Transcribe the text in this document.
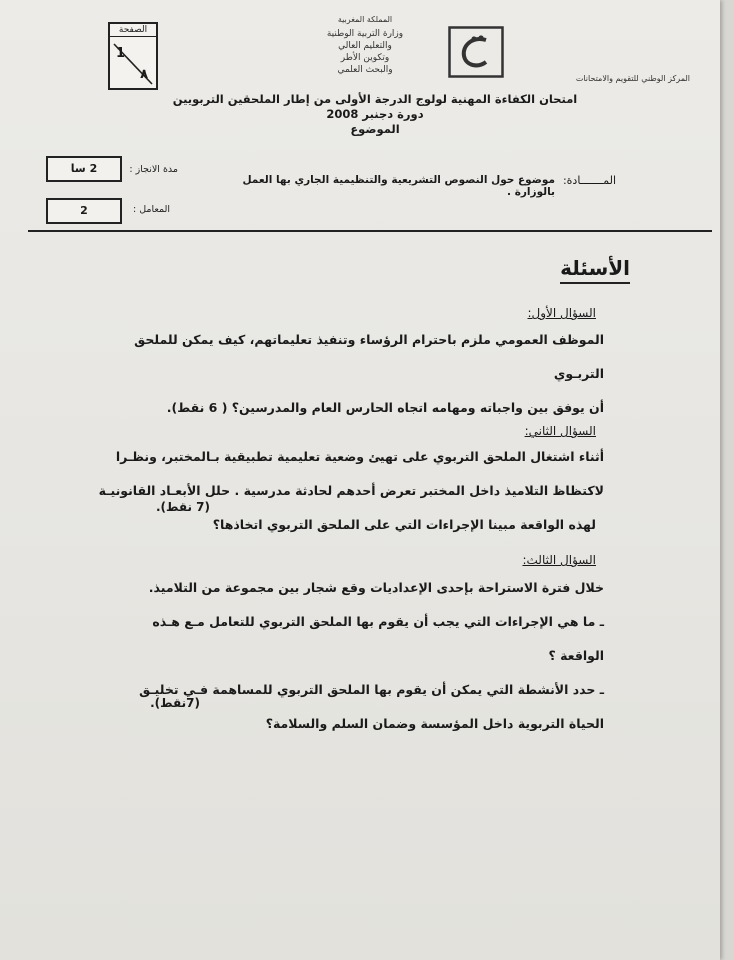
الصفحة
1
٨
المملكة المغربية
وزارة التربية الوطنية
والتعليم العالي
وتكوين الأطر
والبحث العلمي
المركز الوطني للتقويم والامتحانات
امتحان الكفاءة المهنية لولوج الدرجة الأولى من إطار الملحقين التربويين
دورة دجنبر 2008
الموضوع
2 سا	مدة الانجاز :
2	المعامل :
المـــــــادة:
موضوع حول النصوص التشريعية والتنظيمية الجاري بها العمل بالوزارة .
الأسئلة
السؤال الأول:
الموظف العمومي ملزم باحترام الرؤساء وتنفيذ تعليماتهم، كيف يمكن للملحق التربـوي
أن يوفق بين واجباته ومهامه اتجاه الحارس العام والمدرسين؟ ( 6 نقط).
السؤال الثاني:
أثناء اشتغال الملحق التربوي على تهيئ وضعية تعليمية تطبيقية بـالمختبر، ونظـرا
لاكتظاظ التلاميذ داخل المختبر تعرض أحدهم لحادثة مدرسية . حلل الأبعـاد القانونيـة
لهذه الواقعة مبينا الإجراءات التي على الملحق التربوي اتخاذها؟
(7 نقط).
السؤال الثالث:
خلال فترة الاستراحة بإحدى الإعداديات وقع شجار بين مجموعة من التلاميذ.
ـ ما هي الإجراءات التي يجب أن يقوم بها الملحق التربوي للتعامل مـع هـذه
الواقعة ؟
ـ حدد الأنشطة التي يمكن أن يقوم بها الملحق التربوي للمساهمة فـي تخليـق
الحياة التربوية داخل المؤسسة وضمان السلم والسلامة؟
(7نقط).
